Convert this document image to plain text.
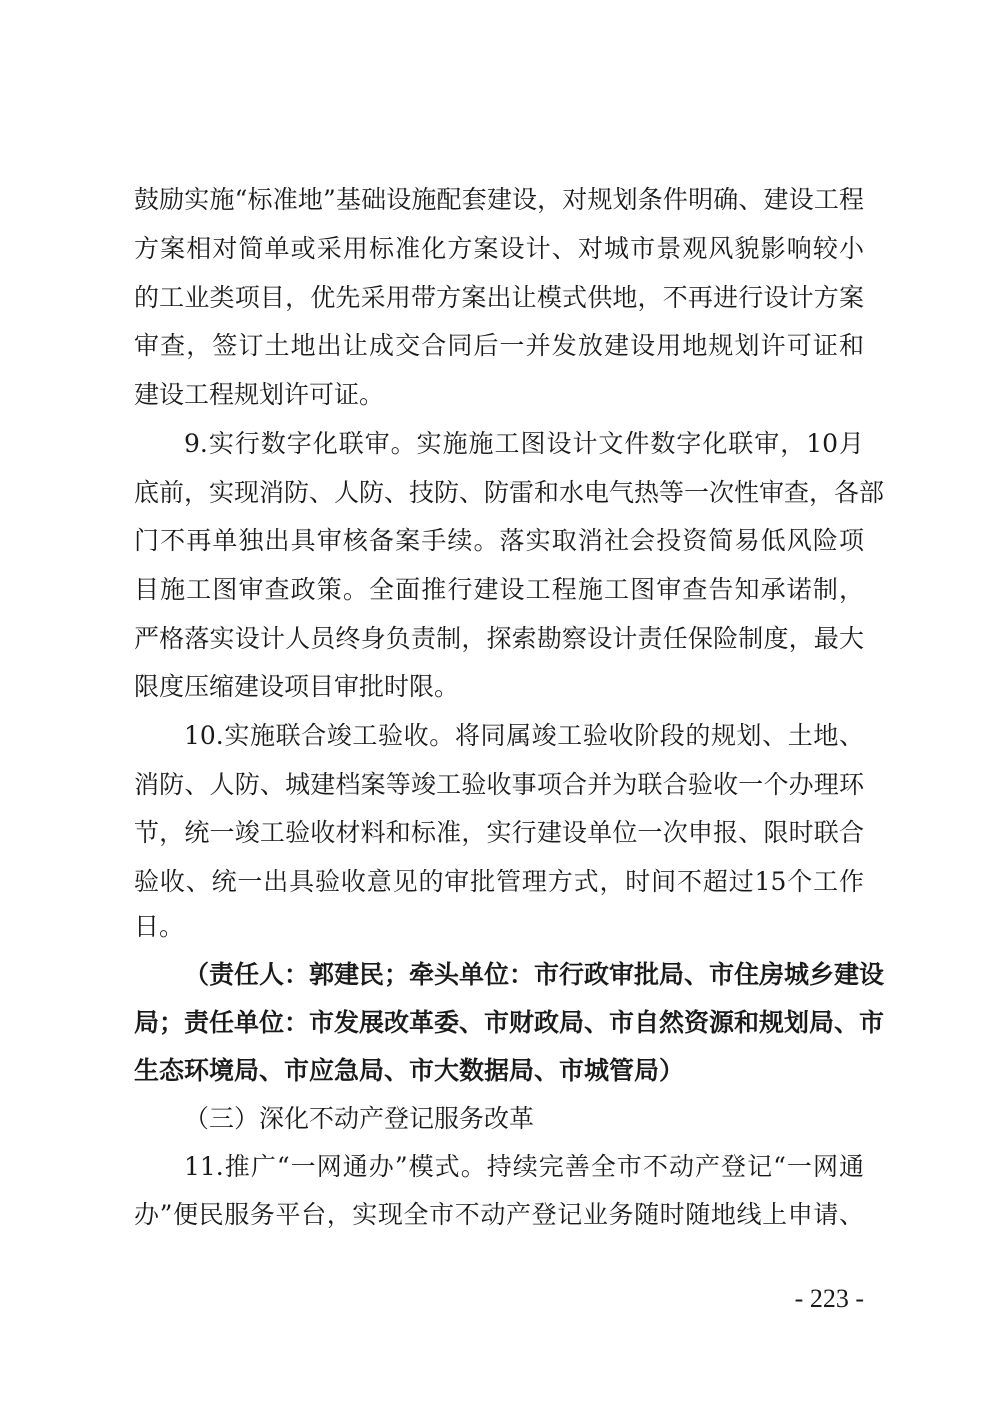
鼓励实施“标准地”基础设施配套建设，对规划条件明确、建设工程
方案相对简单或采用标准化方案设计、对城市景观风貌影响较小
的工业类项目，优先采用带方案出让模式供地，不再进行设计方案
审查，签订土地出让成交合同后一并发放建设用地规划许可证和
建设工程规划许可证。
9.实行数字化联审。实施施工图设计文件数字化联审，10月
底前，实现消防、人防、技防、防雷和水电气热等一次性审查，各部
门不再单独出具审核备案手续。落实取消社会投资简易低风险项
目施工图审查政策。全面推行建设工程施工图审查告知承诺制，
严格落实设计人员终身负责制，探索勘察设计责任保险制度，最大
限度压缩建设项目审批时限。
10.实施联合竣工验收。将同属竣工验收阶段的规划、土地、
消防、人防、城建档案等竣工验收事项合并为联合验收一个办理环
节，统一竣工验收材料和标准，实行建设单位一次申报、限时联合
验收、统一出具验收意见的审批管理方式，时间不超过15个工作
日。
（责任人：郭建民；牵头单位：市行政审批局、市住房城乡建设
局；责任单位：市发展改革委、市财政局、市自然资源和规划局、市
生态环境局、市应急局、市大数据局、市城管局）
（三）深化不动产登记服务改革
11.推广“一网通办”模式。持续完善全市不动产登记“一网通
办”便民服务平台，实现全市不动产登记业务随时随地线上申请、
- 223 -
